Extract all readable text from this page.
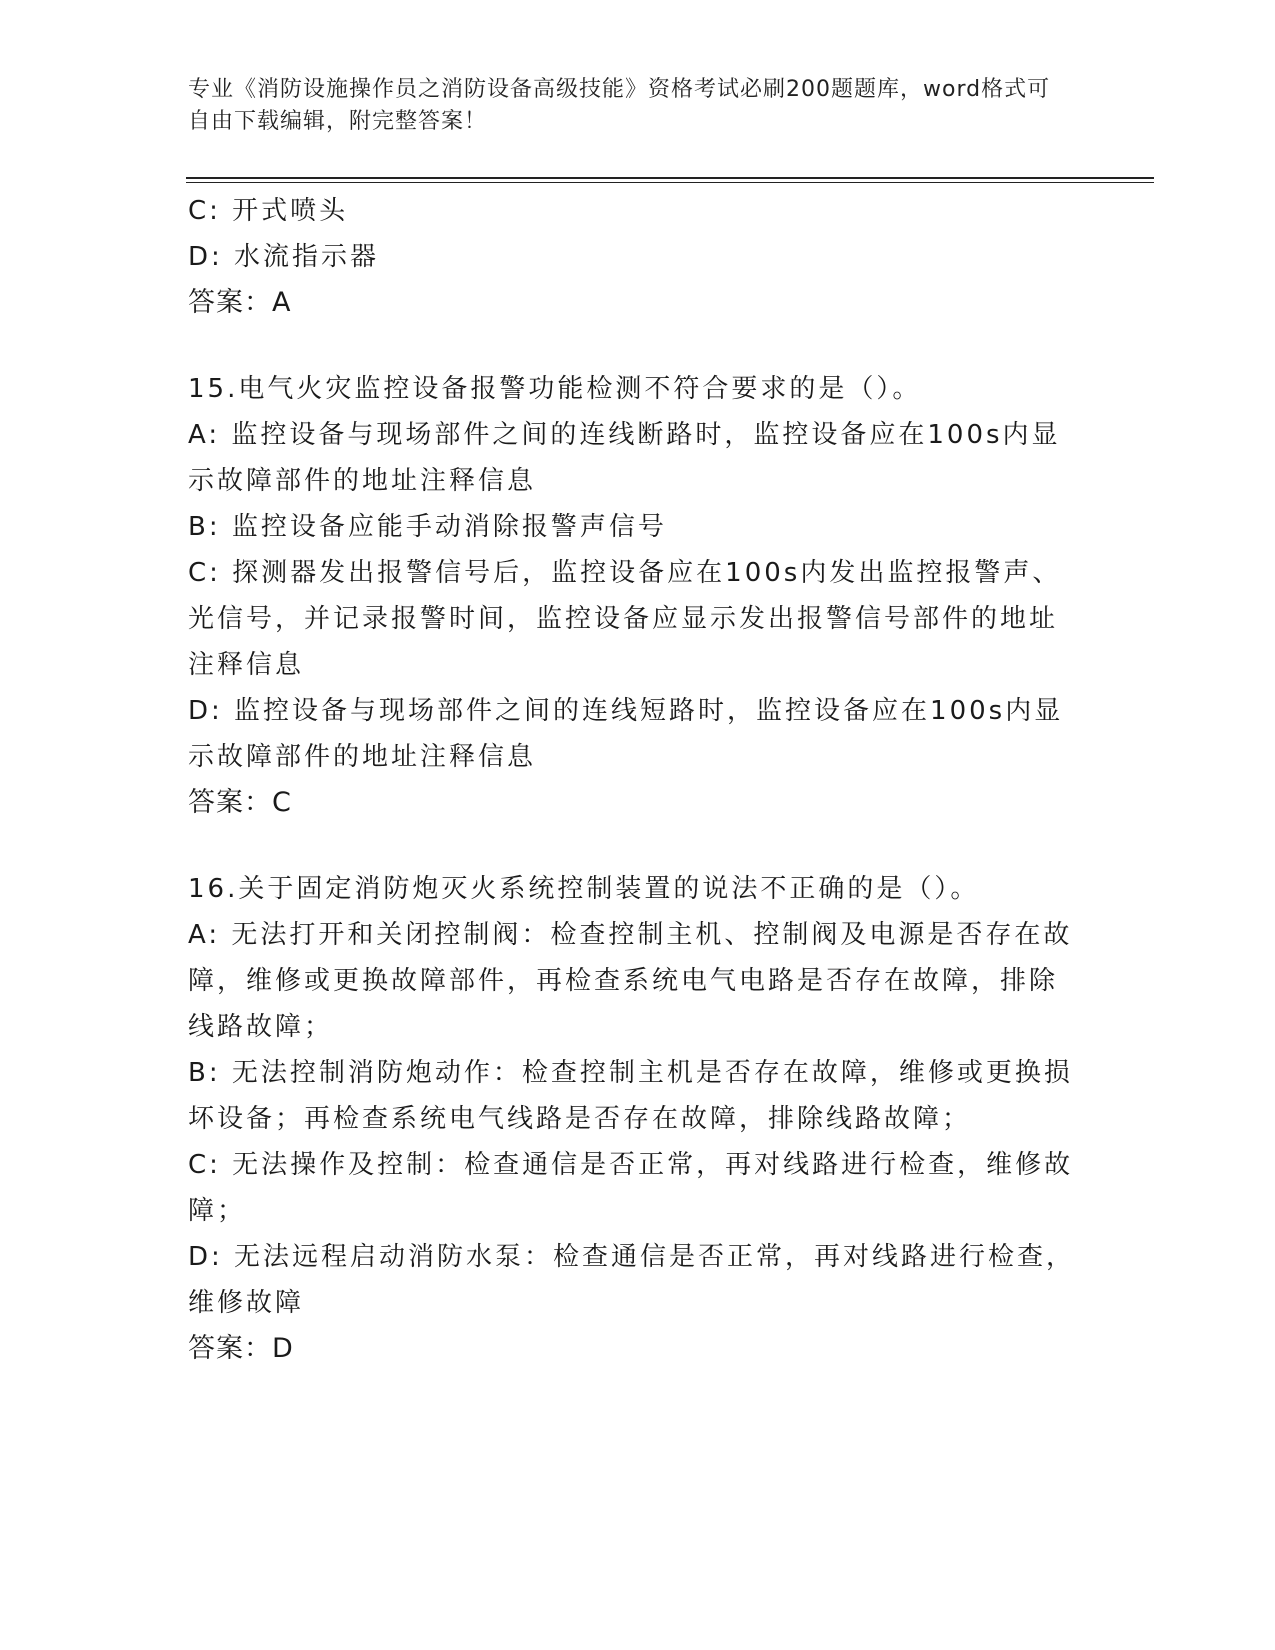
专业《消防设施操作员之消防设备高级技能》资格考试必刷200题题库，word格式可自由下载编辑，附完整答案！
C: 开式喷头
D: 水流指示器
答案：A
15.电气火灾监控设备报警功能检测不符合要求的是（）。
A: 监控设备与现场部件之间的连线断路时，监控设备应在100s内显示故障部件的地址注释信息
B: 监控设备应能手动消除报警声信号
C: 探测器发出报警信号后，监控设备应在100s内发出监控报警声、光信号，并记录报警时间，监控设备应显示发出报警信号部件的地址注释信息
D: 监控设备与现场部件之间的连线短路时，监控设备应在100s内显示故障部件的地址注释信息
答案：C
16.关于固定消防炮灭火系统控制装置的说法不正确的是（）。
A: 无法打开和关闭控制阀：检查控制主机、控制阀及电源是否存在故障，维修或更换故障部件，再检查系统电气电路是否存在故障，排除线路故障；
B: 无法控制消防炮动作：检查控制主机是否存在故障，维修或更换损坏设备；再检查系统电气线路是否存在故障，排除线路故障；
C: 无法操作及控制：检查通信是否正常，再对线路进行检查，维修故障；
D: 无法远程启动消防水泵：检查通信是否正常，再对线路进行检查，维修故障
答案：D
